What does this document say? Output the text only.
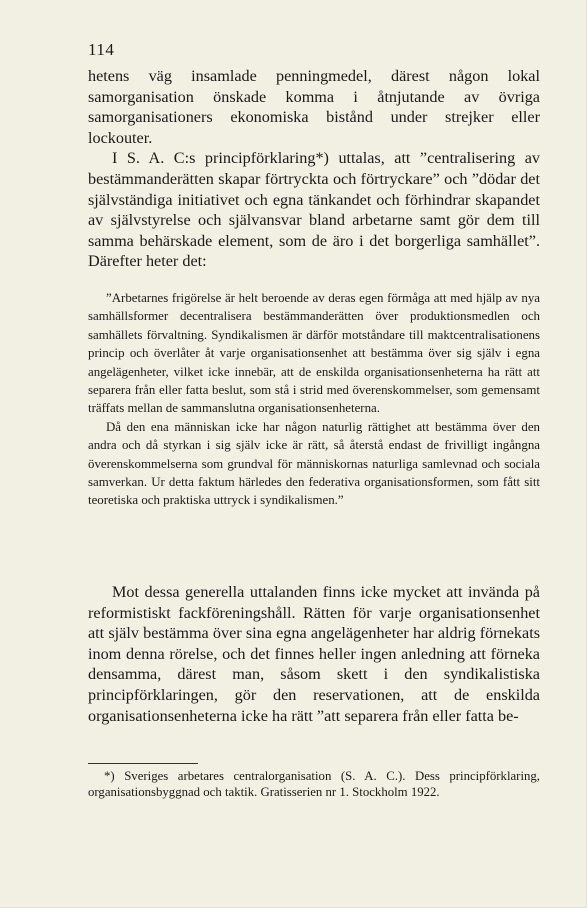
114

hetens väg insamlade penningmedel, därest någon lokal samorganisation önskade komma i åtnjutande av övriga samorganisationers ekonomiska bistånd under strejker eller lockouter.

I S. A. C:s principförklaring*) uttalas, att ”centralisering av bestämmanderätten skapar förtryckta och förtryckare” och ”dödar det självständiga initiativet och egna tänkandet och förhindrar skapandet av självstyrelse och självansvar bland arbetarne samt gör dem till samma behärskade element, som de äro i det borgerliga samhället”. Därefter heter det:

”Arbetarnes frigörelse är helt beroende av deras egen förmåga att med hjälp av nya samhällsformer decentralisera bestämmanderätten över produktionsmedlen och samhällets förvaltning. Syndikalismen är därför motståndare till maktcentralisationens princip och överlåter åt varje organisationsenhet att bestämma över sig själv i egna angelägenheter, vilket icke innebär, att de enskilda organisationsenheterna ha rätt att separera från eller fatta beslut, som stå i strid med överenskommelser, som gemensamt träffats mellan de sammanslutna organisationsenheterna.

Då den ena människan icke har någon naturlig rättighet att bestämma över den andra och då styrkan i sig själv icke är rätt, så återstå endast de frivilligt ingångna överenskommelserna som grundval för människornas naturliga samlevnad och sociala samverkan. Ur detta faktum härledes den federativa organisationsformen, som fått sitt teoretiska och praktiska uttryck i syndikalismen.”

Mot dessa generella uttalanden finns icke mycket att invända på reformistiskt fackföreningshåll. Rätten för varje organisationsenhet att själv bestämma över sina egna angelägenheter har aldrig förnekats inom denna rörelse, och det finnes heller ingen anledning att förneka densamma, därest man, såsom skett i den syndikalistiska principförklaringen, gör den reservationen, att de enskilda organisationsenheterna icke ha rätt ”att separera från eller fatta be-

*) Sveriges arbetares centralorganisation (S. A. C.). Dess principförklaring, organisationsbyggnad och taktik. Gratisserien nr 1. Stockholm 1922.
